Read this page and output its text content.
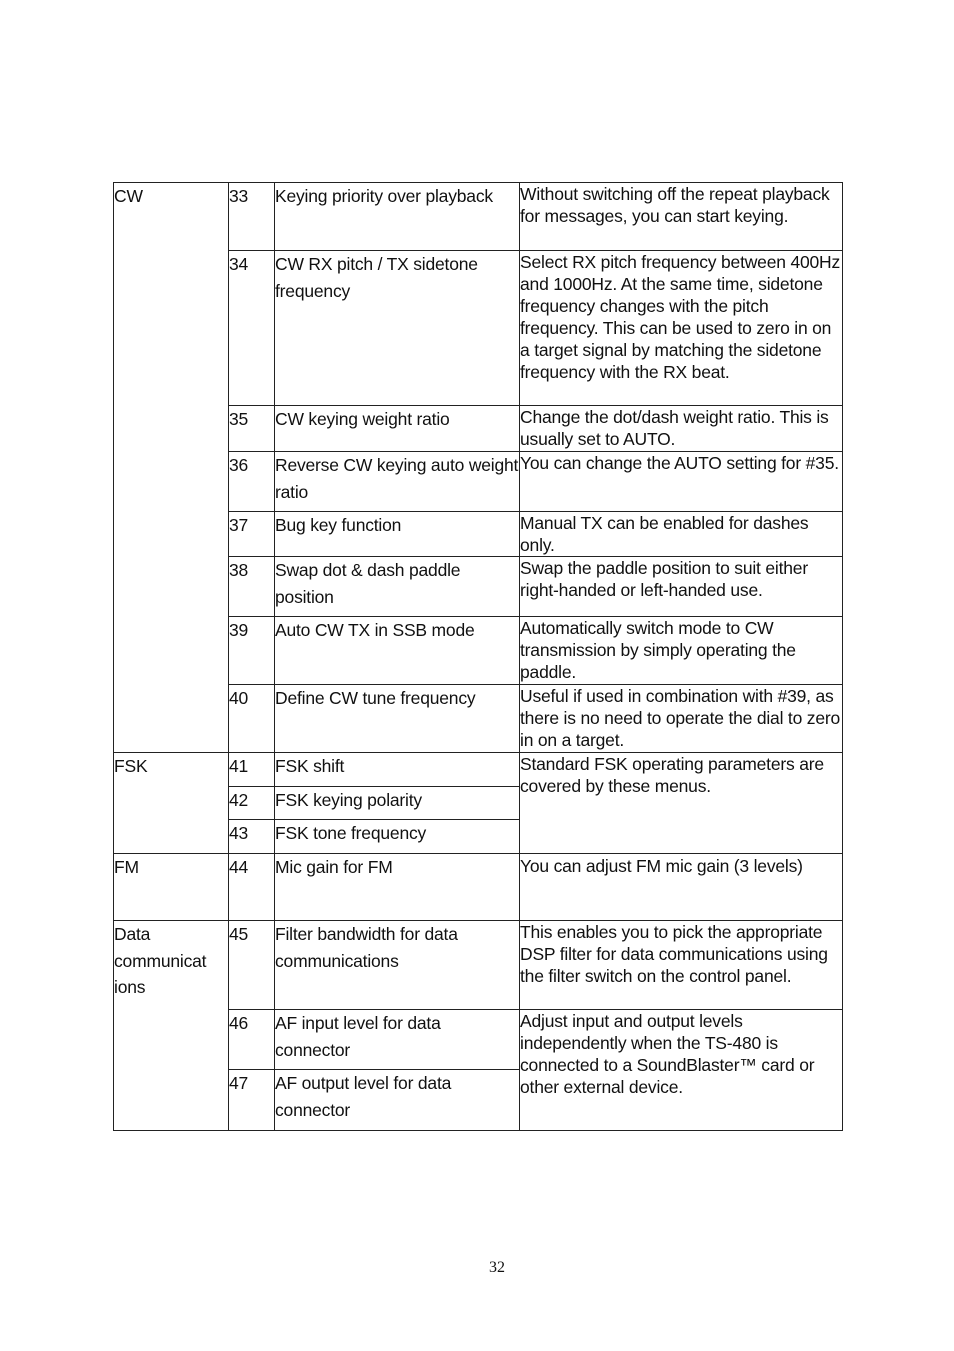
CW	33	Keying priority over playback	Without switching off the repeat playback for messages, you can start keying.
	34	CW RX pitch / TX sidetone frequency	Select RX pitch frequency between 400Hz and 1000Hz. At the same time, sidetone frequency changes with the pitch frequency. This can be used to zero in on a target signal by matching the sidetone frequency with the RX beat.
	35	CW keying weight ratio	Change the dot/dash weight ratio. This is usually set to AUTO.
	36	Reverse CW keying auto weight ratio	You can change the AUTO setting for #35.
	37	Bug key function	Manual TX can be enabled for dashes only.
	38	Swap dot & dash paddle position	Swap the paddle position to suit either right-handed or left-handed use.
	39	Auto CW TX in SSB mode	Automatically switch mode to CW transmission by simply operating the paddle.
	40	Define CW tune frequency	Useful if used in combination with #39, as there is no need to operate the dial to zero in on a target.
FSK	41	FSK shift	Standard FSK operating parameters are covered by these menus.
	42	FSK keying polarity	
	43	FSK tone frequency	
FM	44	Mic gain for FM	You can adjust FM mic gain (3 levels)
Data communicat ions	45	Filter bandwidth for data communications	This enables you to pick the appropriate DSP filter for data communications using the filter switch on the control panel.
	46	AF input level for data connector	Adjust input and output levels independently when the TS-480 is connected to a SoundBlaster™ card or other external device.
	47	AF output level for data connector	
32
